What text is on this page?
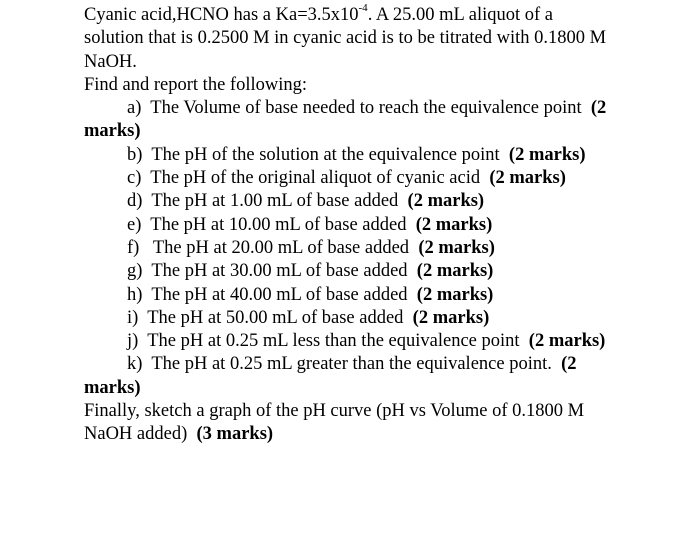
Cyanic acid,HCNO has a $Ka=3.5x10^{-4}$. A 25.00 mL aliquot of a
solution that is 0.2500 M in cyanic acid is to be titrated with 0.1800 M
NaOH.
Find and report the following:
a) The Volume of base needed to reach the equivalence point (2
marks)
b) The pH of the solution at the equivalence point (2 marks)
c) The pH of the original aliquot of cyanic acid (2 marks)
d) The pH at 1.00 mL of base added (2 marks)
e) The pH at 10.00 mL of base added (2 marks)
f) The pH at 20.00 mL of base added (2 marks)
g) The pH at 30.00 mL of base added (2 marks)
h) The pH at 40.00 mL of base added (2 marks)
i) The pH at 50.00 mL of base added (2 marks)
j) The pH at 0.25 mL less than the equivalence point (2 marks)
k) The pH at 0.25 mL greater than the equivalence point. (2
marks)
Finally, sketch a graph of the pH curve (pH vs Volume of 0.1800 M
NaOH added) (3 marks)
